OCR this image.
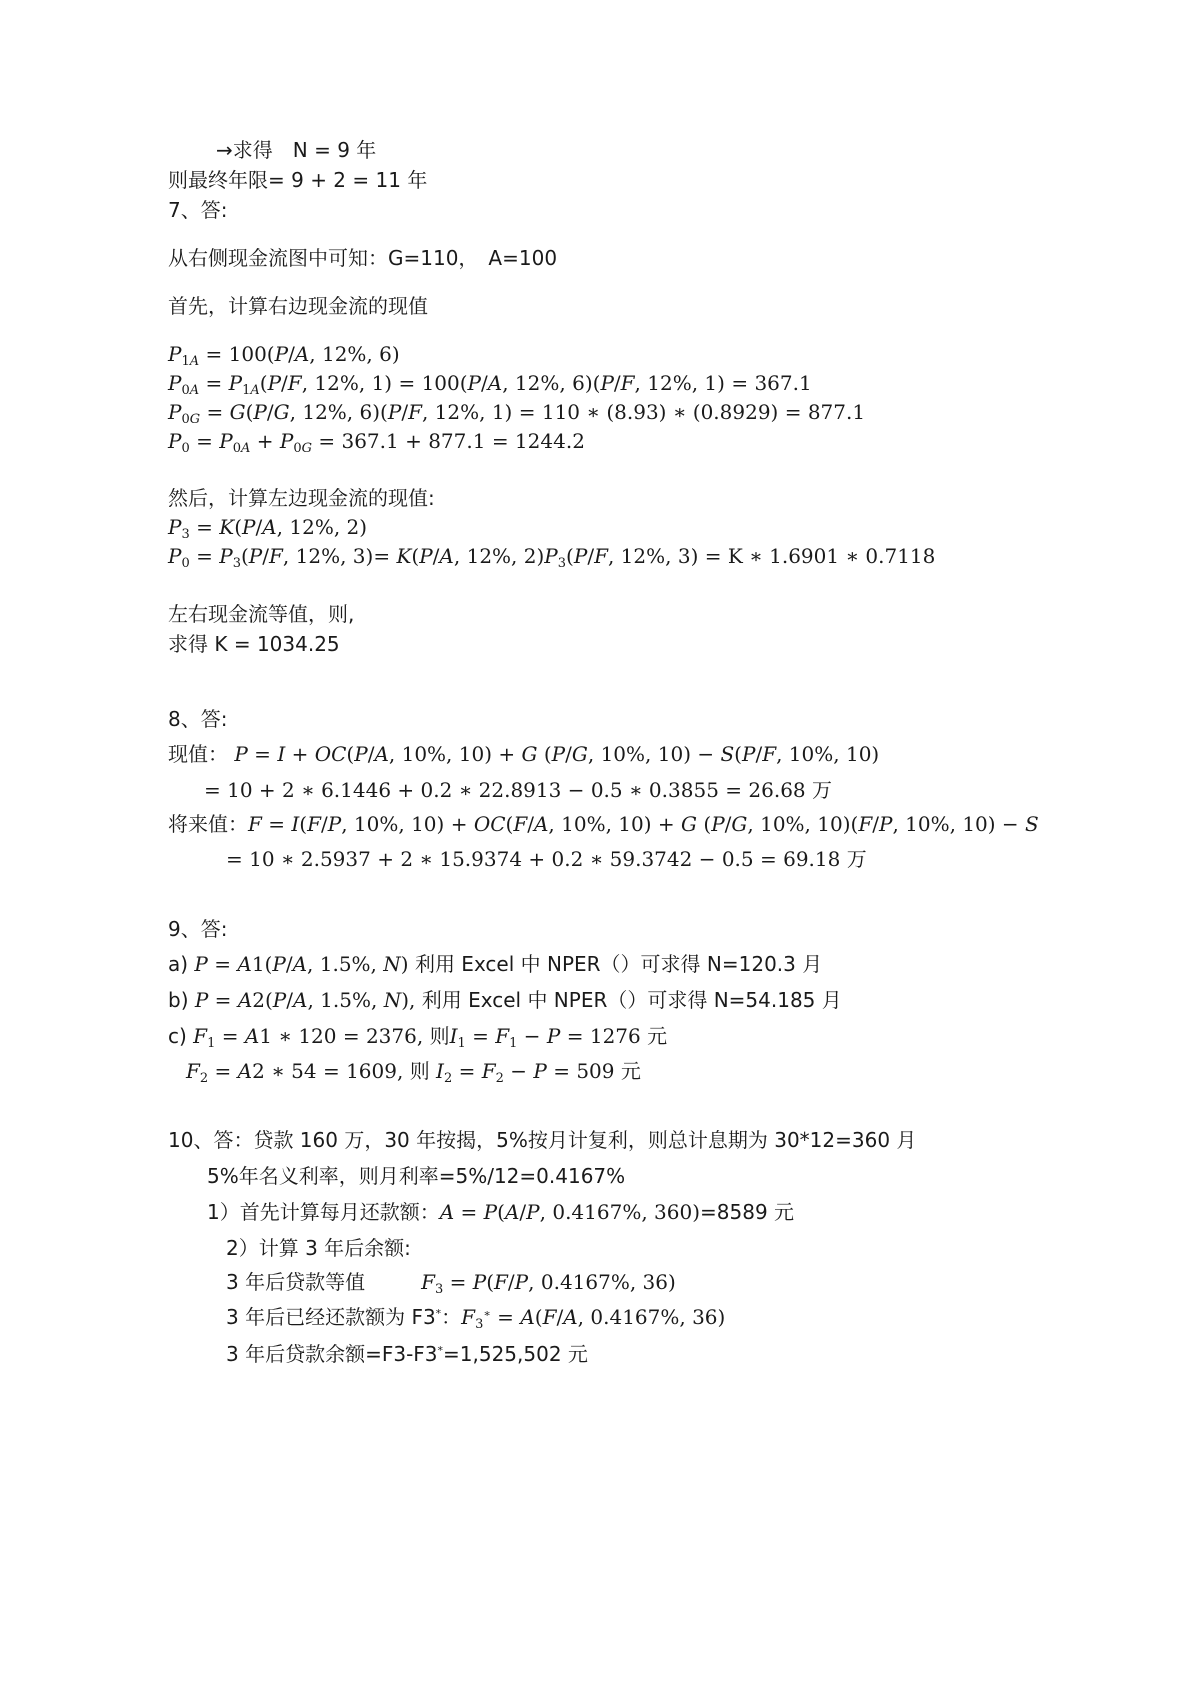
→求得　N = 9 年
则最终年限= 9 + 2 = 11 年
7、答:
从右侧现金流图中可知：G=110，　A=100
首先，计算右边现金流的现值
$P_{1A} = 100(P/A$, 12%, 6)
$P_{0A} = P_{1A}(P/F$, 12%, 1) = 100(P/A, 12%, 6)(P/F, 12%, 1) = 367.1
$P_{0G} = G(P/G$, 12%, 6)(P/F, 12%, 1) = 110 ∗ (8.93) ∗ (0.8929) = 877.1
$P_0 = P_{0A} + P_{0G} = 367.1 + 877.1 = 1244.2$
然后，计算左边现金流的现值:
$P_3 = K(P/A$, 12%, 2)
$P_0 = P_3(P/F$, 12%, 3)= K(P/A, 12%, $2)P_3(P/F$, 12%, 3) = K ∗ 1.6901 ∗ 0.7118
左右现金流等值，则,
求得 K = 1034.25
8、答:
现值： P = I + OC(P/A, 10%, 10) + G (P/G, 10%, 10) − S(P/F, 10%, 10)
= 10 + 2 ∗ 6.1446 + 0.2 ∗ 22.8913 − 0.5 ∗ 0.3855 = 26.68 万
将来值：F = I(F/P, 10%, 10) + OC(F/A, 10%, 10) + G (P/G, 10%, 10)(F/P, 10%, 10) − S
= 10 ∗ 2.5937 + 2 ∗ 15.9374 + 0.2 ∗ 59.3742 − 0.5 = 69.18 万
9、答:
a) P = A1(P/A, 1.5%, N) 利用 Excel 中 NPER（）可求得 N=120.3 月
b) P = A2(P/A, 1.5%, N), 利用 Excel 中 NPER（）可求得 N=54.185 月
c) $F_1 = A1$ ∗ 120 = 2376, 则$I_1 = F_1 - P = 1276$ 元
$F_2 = A2$ ∗ 54 = 1609, 则 $I_2 = F_2 - P = 509$ 元
10、答：贷款 160 万，30 年按揭，5%按月计复利，则总计息期为 30*12=360 月
5%年名义利率，则月利率=5%/12=0.4167%
1）首先计算每月还款额：A = P(A/P, 0.4167%, 360)=8589 元
2）计算 3 年后余额:
3 年后贷款等值	$F_3 = P(F/P$, 0.4167%, 36)
3 年后已经还款额为 F3*：$F_3^∗ = A(F/A$, 0.4167%, 36)
3 年后贷款余额=F3-F3*=1,525,502 元
